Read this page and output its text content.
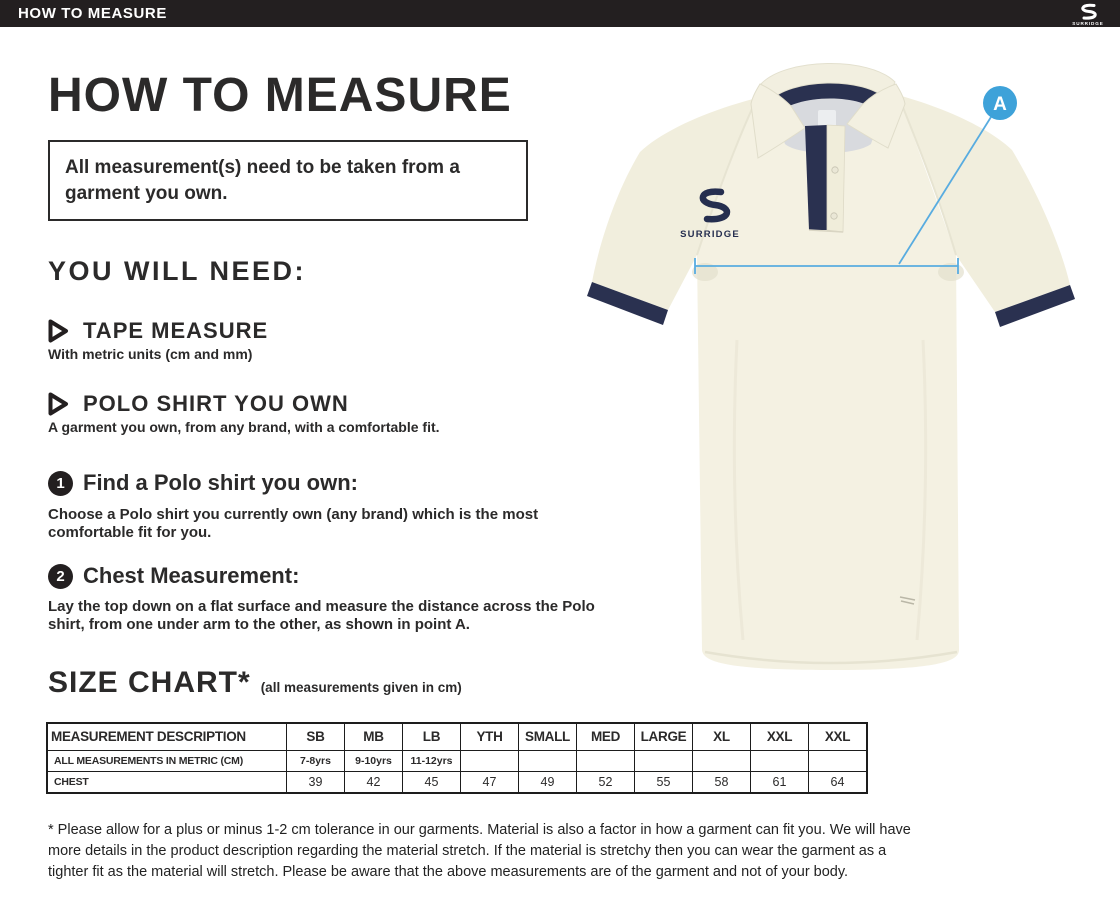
HOW TO MEASURE
SURRIDGE
HOW TO MEASURE
All measurement(s) need to be taken from a garment you own.
YOU WILL NEED:
TAPE MEASURE
With metric units (cm and mm)
POLO SHIRT YOU OWN
A garment you own, from any brand, with a comfortable fit.
1 Find a Polo shirt you own:
Choose a Polo shirt you currently own (any brand) which is the most comfortable fit for you.
2 Chest Measurement:
Lay the top down on a flat surface and measure the distance across the Polo shirt, from one under arm to the other, as shown in point A.
SIZE CHART* (all measurements given in cm)
MEASUREMENT DESCRIPTION	SB	MB	LB	YTH	SMALL	MED	LARGE	XL	XXL	XXL
ALL MEASUREMENTS IN METRIC (CM)	7-8yrs	9-10yrs	11-12yrs							
CHEST	39	42	45	47	49	52	55	58	61	64
* Please allow for a plus or minus 1-2 cm tolerance in our garments. Material is also a factor in how a garment can fit you. We will have more details in the product description regarding the material stretch. If the material is stretchy then you can wear the garment as a tighter fit as the material will stretch. Please be aware that the above measurements are of the garment and not of your body.
SURRIDGE
A
